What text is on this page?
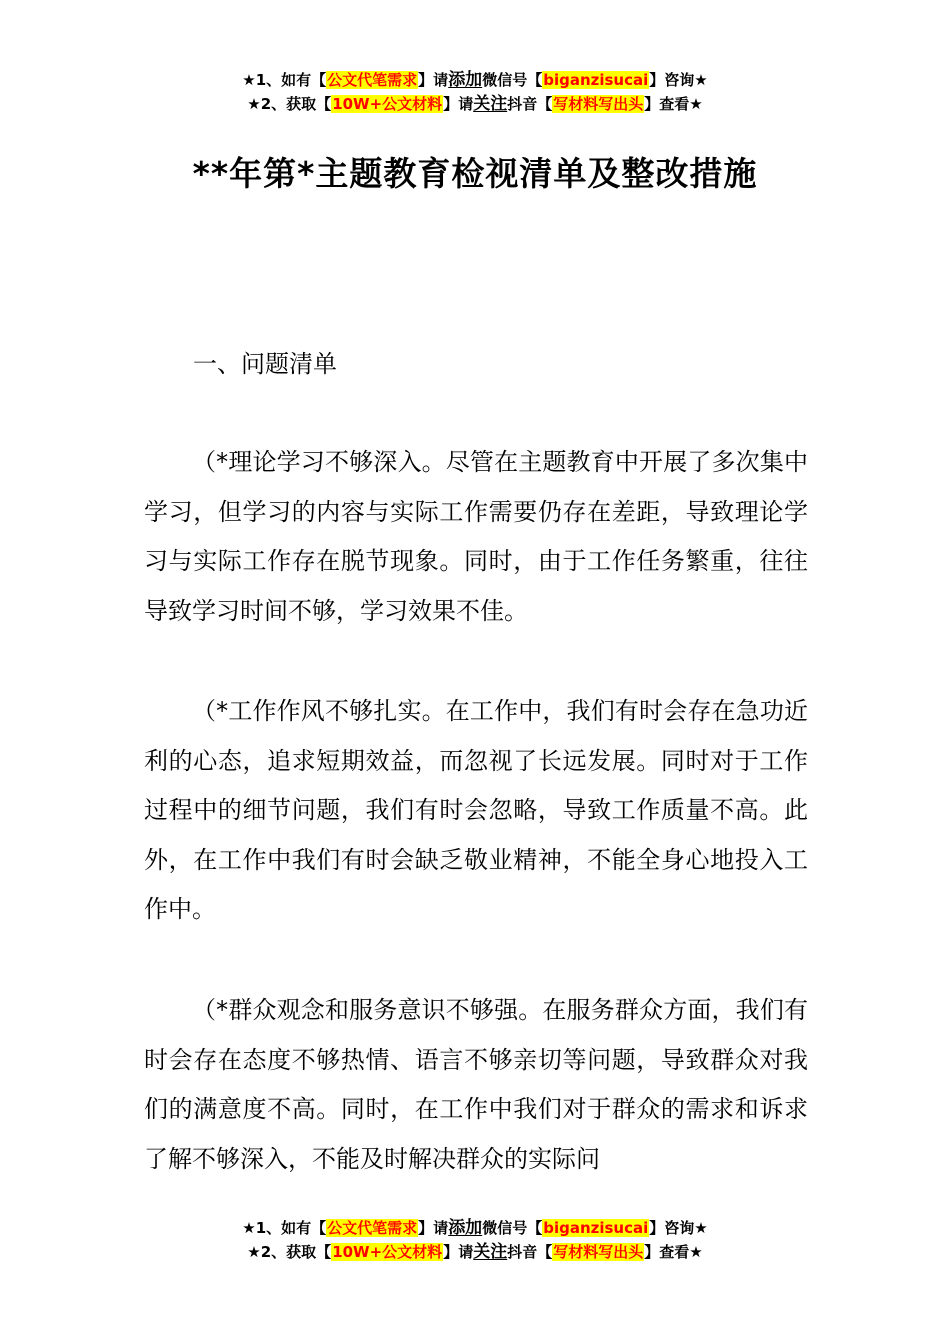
★1、如有【公文代笔需求】请添加微信号【biganzisucai】咨询★
★2、获取【10W+公文材料】请关注抖音【写材料写出头】查看★
**年第*主题教育检视清单及整改措施
一、问题清单

（*理论学习不够深入。尽管在主题教育中开展了多次集中学习，但学习的内容与实际工作需要仍存在差距，导致理论学习与实际工作存在脱节现象。同时，由于工作任务繁重，往往导致学习时间不够，学习效果不佳。

（*工作作风不够扎实。在工作中，我们有时会存在急功近利的心态，追求短期效益，而忽视了长远发展。同时对于工作过程中的细节问题，我们有时会忽略，导致工作质量不高。此外，在工作中我们有时会缺乏敬业精神，不能全身心地投入工作中。

（*群众观念和服务意识不够强。在服务群众方面，我们有时会存在态度不够热情、语言不够亲切等问题，导致群众对我们的满意度不高。同时，在工作中我们对于群众的需求和诉求了解不够深入，不能及时解决群众的实际问

★1、如有【公文代笔需求】请添加微信号【biganzisucai】咨询★
★2、获取【10W+公文材料】请关注抖音【写材料写出头】查看★
